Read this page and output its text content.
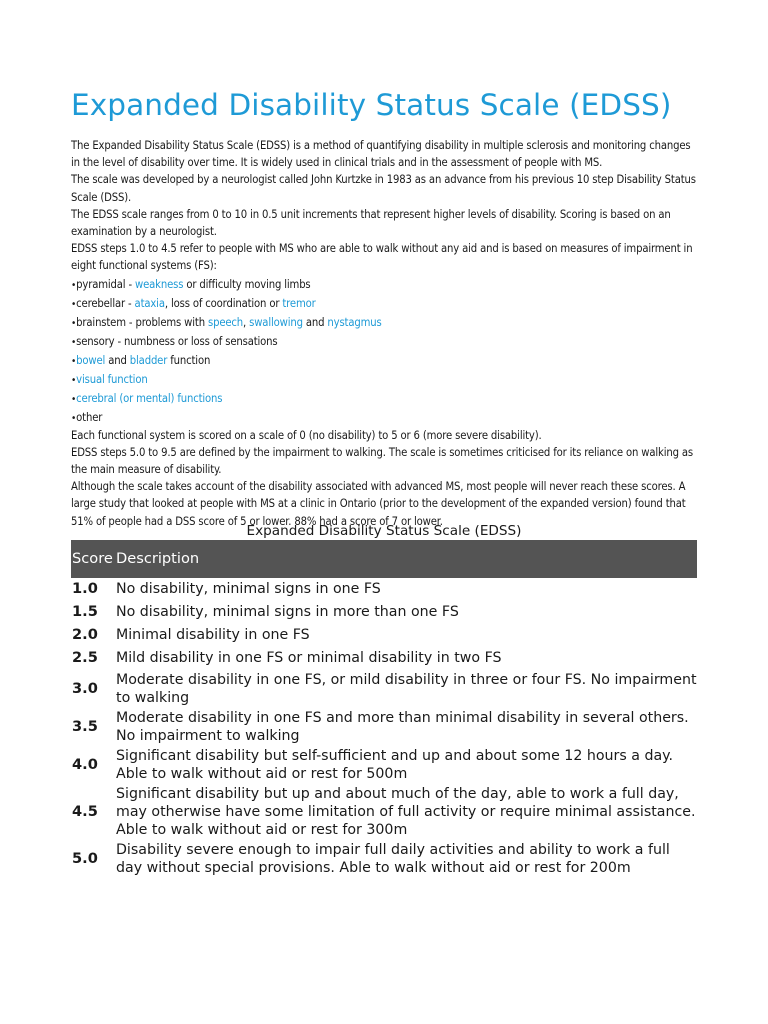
Expanded Disability Status Scale (EDSS)

The Expanded Disability Status Scale (EDSS) is a method of quantifying disability in multiple sclerosis and monitoring changes in the level of disability over time. It is widely used in clinical trials and in the assessment of people with MS.

The scale was developed by a neurologist called John Kurtzke in 1983 as an advance from his previous 10 step Disability Status Scale (DSS).

The EDSS scale ranges from 0 to 10 in 0.5 unit increments that represent higher levels of disability. Scoring is based on an examination by a neurologist.

EDSS steps 1.0 to 4.5 refer to people with MS who are able to walk without any aid and is based on measures of impairment in eight functional systems (FS):

•pyramidal - weakness or difficulty moving limbs

•cerebellar - ataxia, loss of coordination or tremor

•brainstem - problems with speech, swallowing and nystagmus

•sensory - numbness or loss of sensations

•bowel and bladder function

•visual function

•cerebral (or mental) functions

•other

Each functional system is scored on a scale of 0 (no disability) to 5 or 6 (more severe disability).

EDSS steps 5.0 to 9.5 are defined by the impairment to walking. The scale is sometimes criticised for its reliance on walking as the main measure of disability.

Although the scale takes account of the disability associated with advanced MS, most people will never reach these scores. A large study that looked at people with MS at a clinic in Ontario (prior to the development of the expanded version) found that 51% of people had a DSS score of 5 or lower. 88% had a score of 7 or lower.

Expanded Disability Status Scale (EDSS)

Score	Description
1.0	No disability, minimal signs in one FS
1.5	No disability, minimal signs in more than one FS
2.0	Minimal disability in one FS
2.5	Mild disability in one FS or minimal disability in two FS
3.0	Moderate disability in one FS, or mild disability in three or four FS. No impairment to walking
3.5	Moderate disability in one FS and more than minimal disability in several others. No impairment to walking
4.0	Significant disability but self-sufficient and up and about some 12 hours a day. Able to walk without aid or rest for 500m
4.5	Significant disability but up and about much of the day, able to work a full day, may otherwise have some limitation of full activity or require minimal assistance. Able to walk without aid or rest for 300m
5.0	Disability severe enough to impair full daily activities and ability to work a full day without special provisions. Able to walk without aid or rest for 200m
